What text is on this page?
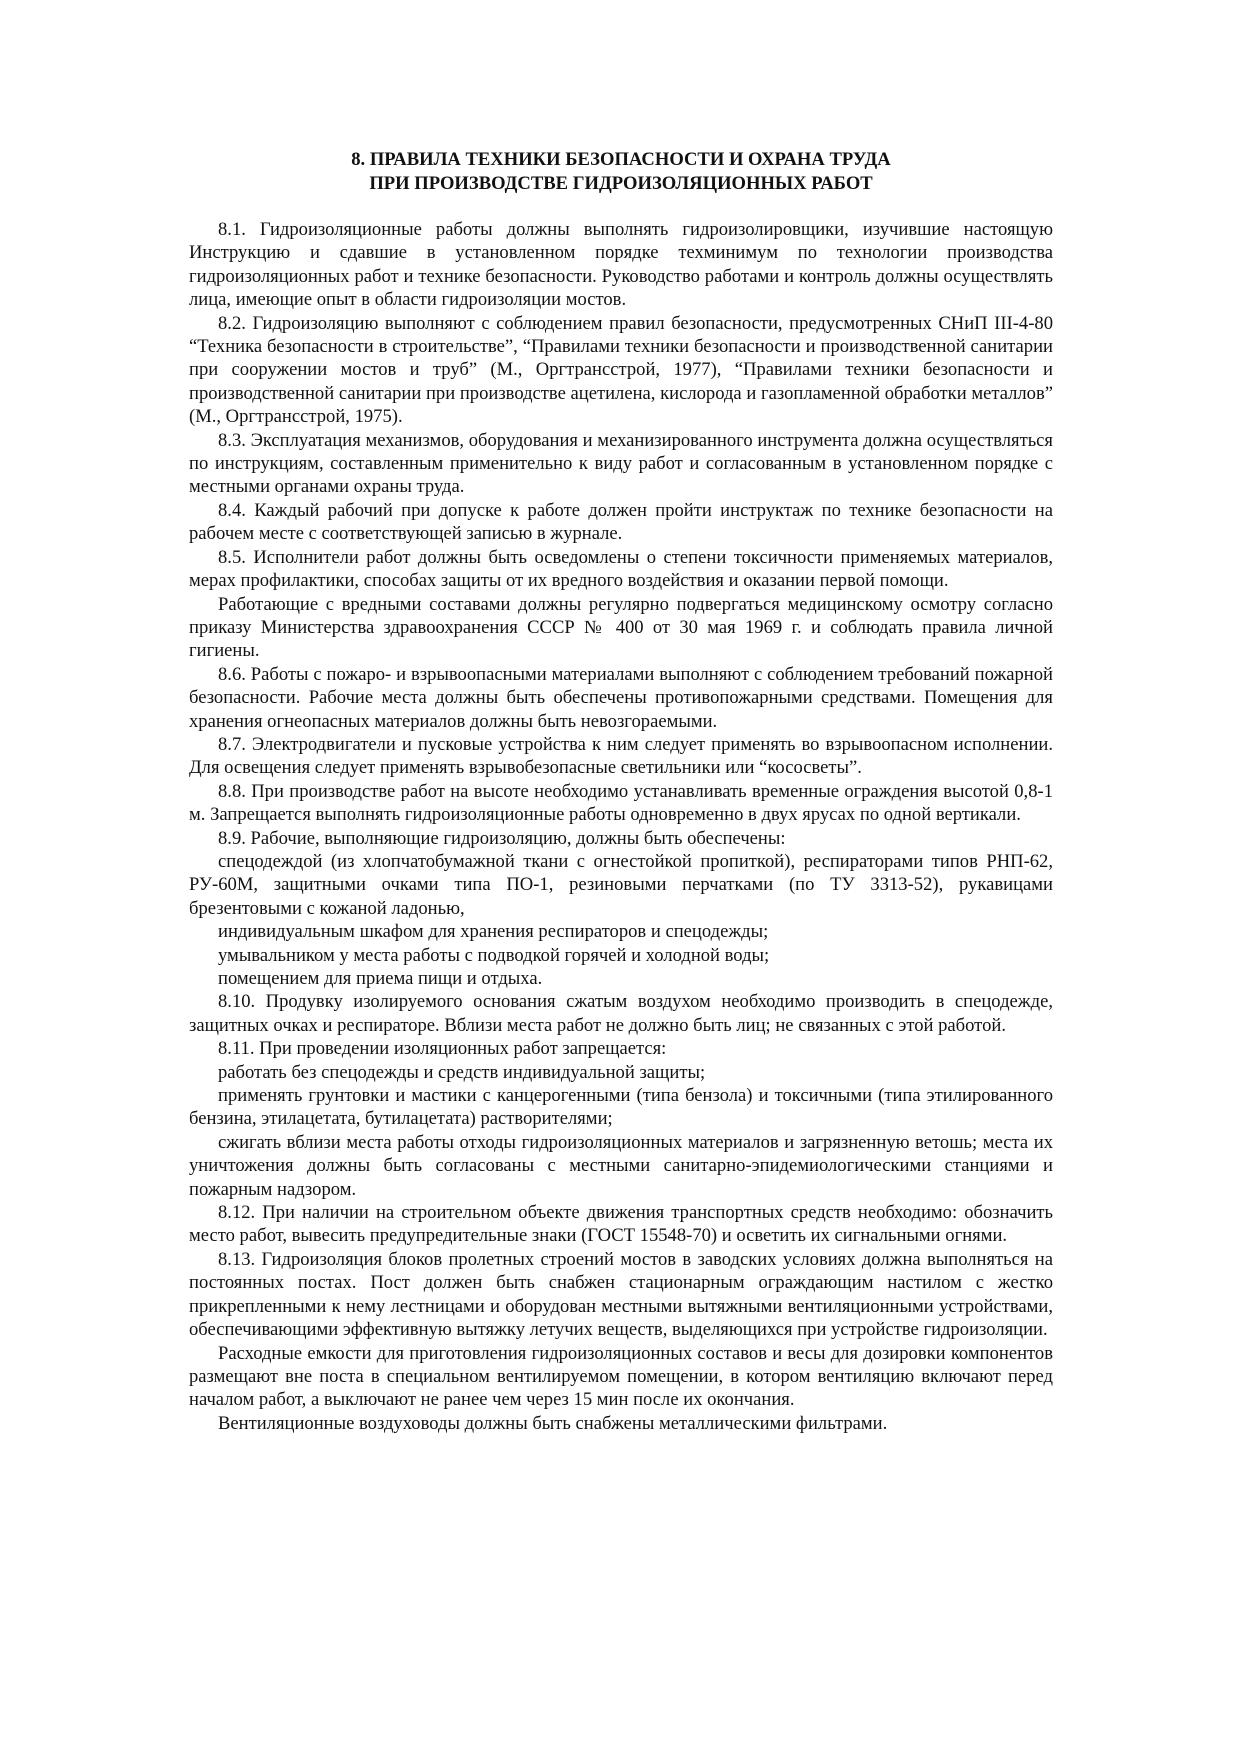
8. ПРАВИЛА ТЕХНИКИ БЕЗОПАСНОСТИ И ОХРАНА ТРУДА
ПРИ ПРОИЗВОДСТВЕ ГИДРОИЗОЛЯЦИОННЫХ РАБОТ

8.1. Гидроизоляционные работы должны выполнять гидроизолировщики, изучившие настоящую Инструкцию и сдавшие в установленном порядке техминимум по технологии производства гидроизоляционных работ и технике безопасности. Руководство работами и контроль должны осуществлять лица, имеющие опыт в области гидроизоляции мостов.

8.2. Гидроизоляцию выполняют с соблюдением правил безопасности, предусмотренных СНиП III-4-80 “Техника безопасности в строительстве”, “Правилами техники безопасности и производственной санитарии при сооружении мостов и труб” (М., Оргтрансстрой, 1977), “Правилами техники безопасности и производственной санитарии при производстве ацетилена, кислорода и газопламенной обработки металлов” (М., Оргтрансстрой, 1975).

8.3. Эксплуатация механизмов, оборудования и механизированного инструмента должна осуществляться по инструкциям, составленным применительно к виду работ и согласованным в установленном порядке с местными органами охраны труда.

8.4. Каждый рабочий при допуске к работе должен пройти инструктаж по технике безопасности на рабочем месте с соответствующей записью в журнале.

8.5. Исполнители работ должны быть осведомлены о степени токсичности применяемых материалов, мерах профилактики, способах защиты от их вредного воздействия и оказании первой помощи.

Работающие с вредными составами должны регулярно подвергаться медицинскому осмотру согласно приказу Министерства здравоохранения СССР № 400 от 30 мая 1969 г. и соблюдать правила личной гигиены.

8.6. Работы с пожаро- и взрывоопасными материалами выполняют с соблюдением требований пожарной безопасности. Рабочие места должны быть обеспечены противопожарными средствами. Помещения для хранения огнеопасных материалов должны быть невозгораемыми.

8.7. Электродвигатели и пусковые устройства к ним следует применять во взрывоопасном исполнении. Для освещения следует применять взрывобезопасные светильники или “кососветы”.

8.8. При производстве работ на высоте необходимо устанавливать временные ограждения высотой 0,8-1 м. Запрещается выполнять гидроизоляционные работы одновременно в двух ярусах по одной вертикали.

8.9. Рабочие, выполняющие гидроизоляцию, должны быть обеспечены:

спецодеждой (из хлопчатобумажной ткани с огнестойкой пропиткой), респираторами типов РНП-62, РУ-60М, защитными очками типа ПО-1, резиновыми перчатками (по ТУ 3313-52), рукавицами брезентовыми с кожаной ладонью,

индивидуальным шкафом для хранения респираторов и спецодежды;

умывальником у места работы с подводкой горячей и холодной воды;

помещением для приема пищи и отдыха.

8.10. Продувку изолируемого основания сжатым воздухом необходимо производить в спецодежде, защитных очках и респираторе. Вблизи места работ не должно быть лиц; не связанных с этой работой.

8.11. При проведении изоляционных работ запрещается:

работать без спецодежды и средств индивидуальной защиты;

применять грунтовки и мастики с канцерогенными (типа бензола) и токсичными (типа этилированного бензина, этилацетата, бутилацетата) растворителями;

сжигать вблизи места работы отходы гидроизоляционных материалов и загрязненную ветошь; места их уничтожения должны быть согласованы с местными санитарно-эпидемиологическими станциями и пожарным надзором.

8.12. При наличии на строительном объекте движения транспортных средств необходимо: обозначить место работ, вывесить предупредительные знаки (ГОСТ 15548-70) и осветить их сигнальными огнями.

8.13. Гидроизоляция блоков пролетных строений мостов в заводских условиях должна выполняться на постоянных постах. Пост должен быть снабжен стационарным ограждающим настилом с жестко прикрепленными к нему лестницами и оборудован местными вытяжными вентиляционными устройствами, обеспечивающими эффективную вытяжку летучих веществ, выделяющихся при устройстве гидроизоляции.

Расходные емкости для приготовления гидроизоляционных составов и весы для дозировки компонентов размещают вне поста в специальном вентилируемом помещении, в котором вентиляцию включают перед началом работ, а выключают не ранее чем через 15 мин после их окончания.

Вентиляционные воздуховоды должны быть снабжены металлическими фильтрами.
